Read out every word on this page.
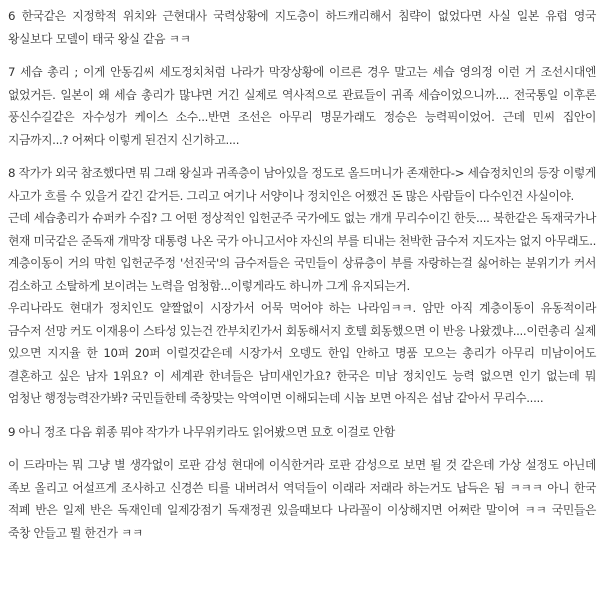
6 한국같은 지정학적 위치와 근현대사 국력상황에 지도층이 하드캐리해서 침략이 없었다면 사실 일본 유럽 영국 왕실보다 모델이 태국 왕실 같음 ㅋㅋ

7 세습 총리 ; 이게 안동김씨 세도정치처럼 나라가 막장상황에 이르른 경우 말고는 세습 영의정 이런 거 조선시대엔 없었거든. 일본이 왜 세습 총리가 많냐면 거긴 실제로 역사적으로 관료들이 귀족 세습이었으니까.... 전국통일 이후론 풍신수길같은 자수성가 케이스 소수...반면 조선은 아무리 명문가래도 정승은 능력픽이었어. 근데 민씨 집안이 지금까지...? 어쩌다 이렇게 된건지 신기하고....

8 작가가 외국 참조했다면 뭐 그래 왕실과 귀족층이 남아있을 정도로 올드머니가 존재한다-> 세습정치인의 등장 이렇게 사고가 흐를 수 있을거 같긴 같거든. 그리고 여기나 서양이나 정치인은 어쨌건 돈 많은 사람들이 다수인건 사실이야.

근데 세습총리가 슈퍼카 수집? 그 어떤 정상적인 입헌군주 국가에도 없는 개개 무리수이긴 한듯.... 북한같은 독재국가나 현재 미국같은 준독재 개막장 대통령 나온 국가 아니고서야 자신의 부를 티내는 천박한 금수저 지도자는 없지 아무래도.. 계층이동이 거의 막힌 입헌군주정 '선진국'의 금수저들은 국민들이 상류층이 부를 자랑하는걸 싫어하는 분위기가 커서 검소하고 소탈하게 보이려는 노력을 엄청함...이렇게라도 하니까 그게 유지되는거.

우리나라도 현대가 정치인도 얄짤없이 시장가서 어묵 먹어야 하는 나라임ㅋㅋ. 암만 아직 계층이동이 유동적이라 금수저 선망 커도 이재용이 스타성 있는건 깐부치킨가서 회동해서지 호텔 회동했으면 이 반응 나왔겠냐....이런총리 실제 있으면 지지율 한 10퍼 20퍼 이럴것같은데 시장가서 오뎅도 한입 안하고 명품 모으는 총리가 아무리 미남이어도 결혼하고 싶은 남자 1위요? 이 세계관 한녀들은 남미새인가요? 한국은 미남 정치인도 능력 없으면 인기 없는데 뭐 엄청난 행정능력잔가봐? 국민들한테 죽창맞는 악역이면 이해되는데 시놉 보면 아직은 섭남 같아서 무리수.....

9 아니 정조 다음 휘종 뭐야 작가가 나무위키라도 읽어봤으면 묘호 이걸로 안함

이 드라마는 뭐 그냥 별 생각없이 로판 감성 현대에 이식한거라 로판 감성으로 보면 될 것 같은데 가상 설정도 아닌데 족보 올리고 어설프게 조사하고 신경쓴 티를 내버려서 역덕들이 이래라 저래라 하는거도 납득은 됨 ㅋㅋㅋ 아니 한국 적폐 반은 일제 반은 독재인데 일제강점기 독재정권 있을때보다 나라꼴이 이상해지면 어쩌란 말이여 ㅋㅋ 국민들은 죽창 안들고 뭘 한건가 ㅋㅋ
